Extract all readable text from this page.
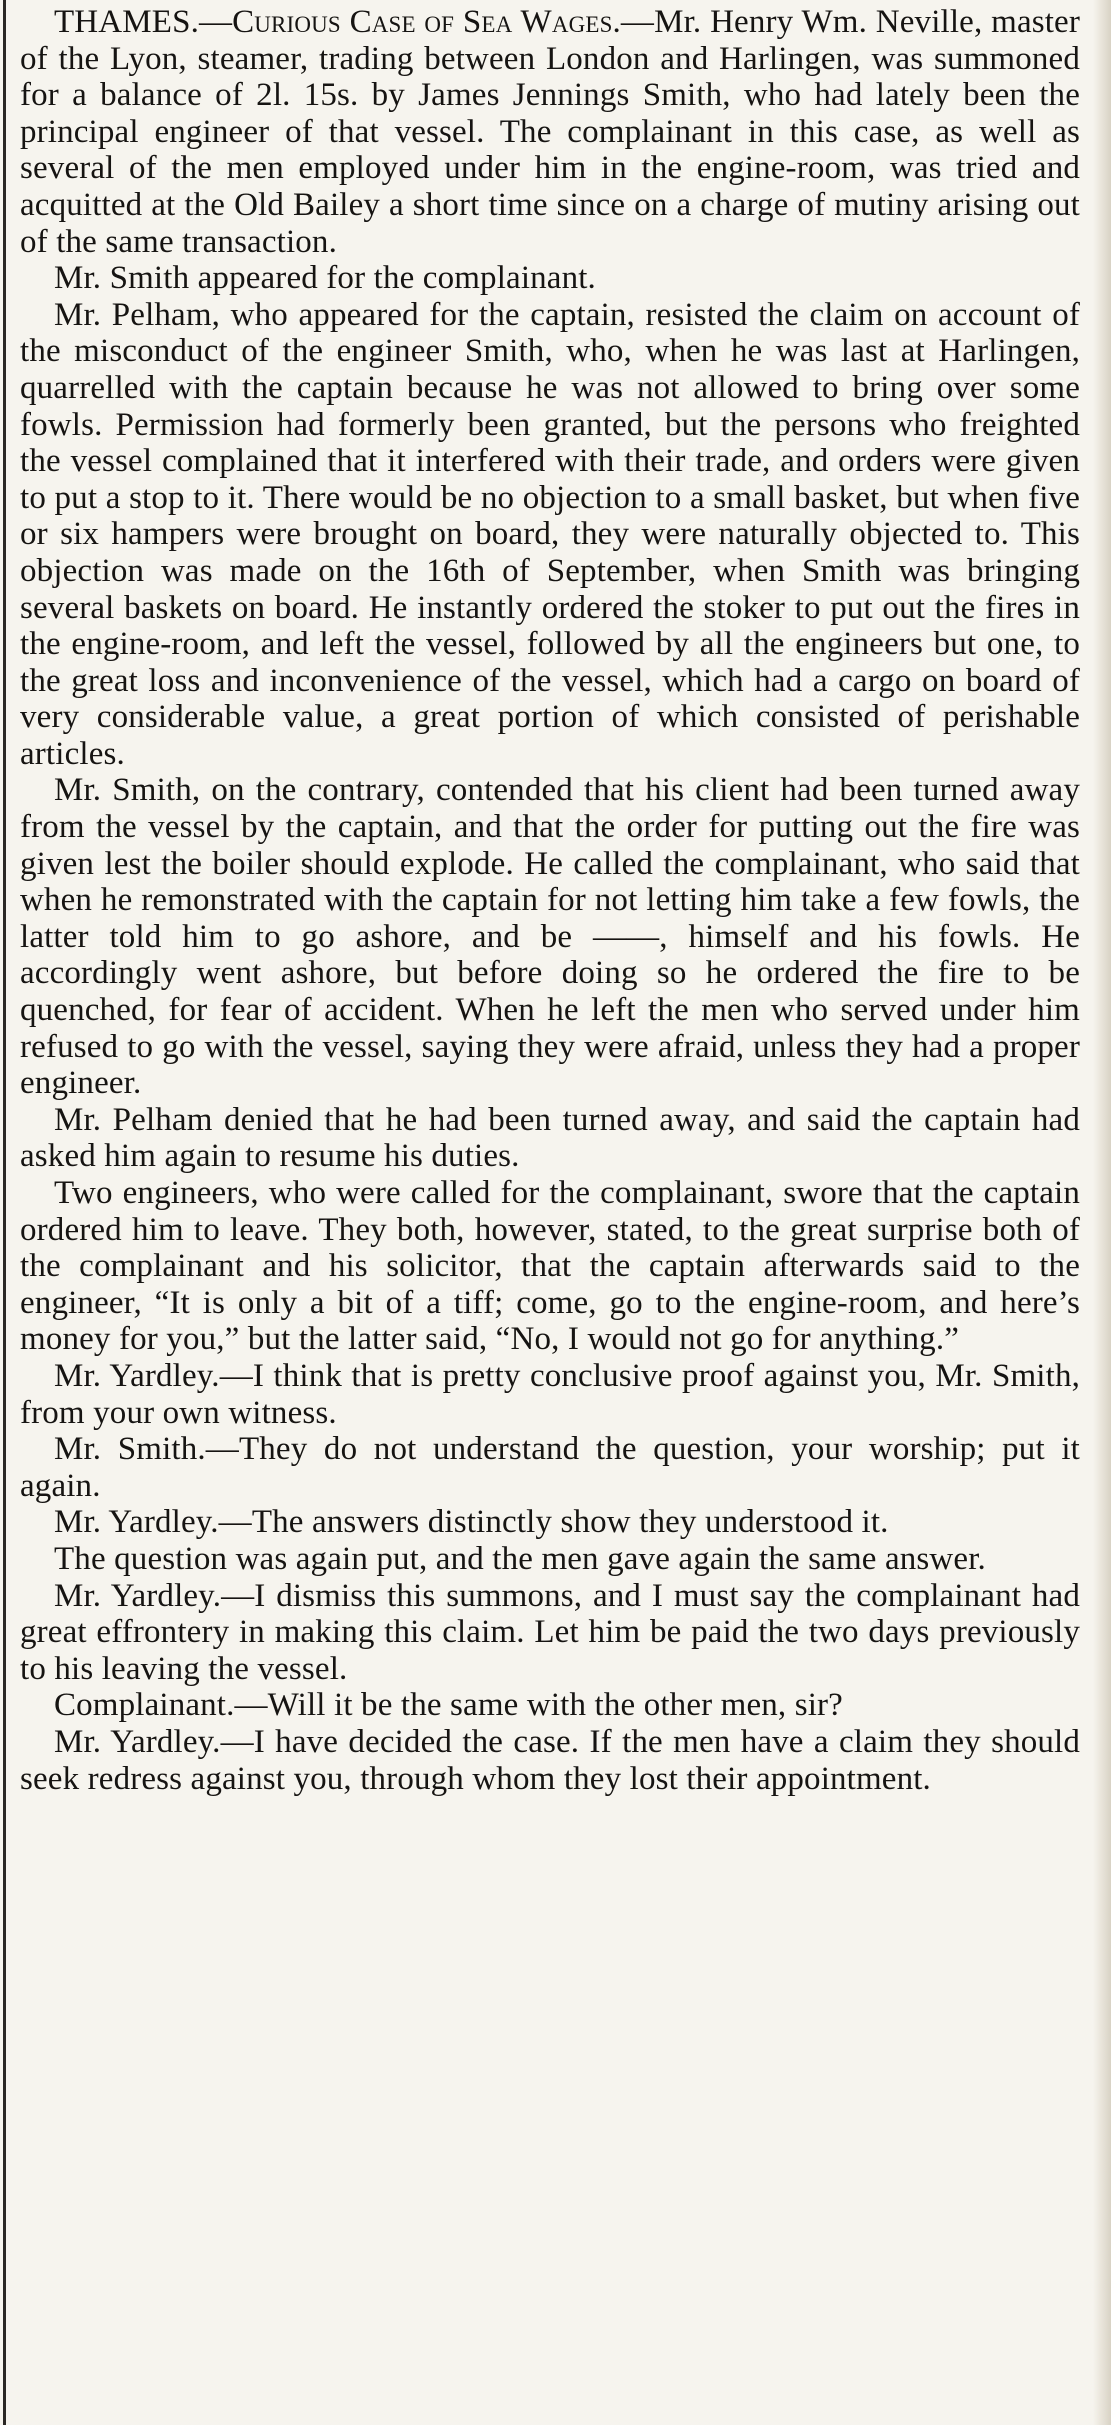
THAMES.—Curious Case of Sea Wages.—Mr. Henry Wm. Neville, master of the Lyon, steamer, trading between London and Harlingen, was summoned for a balance of 2l. 15s. by James Jennings Smith, who had lately been the principal engineer of that vessel. The complainant in this case, as well as several of the men employed under him in the engine-room, was tried and acquitted at the Old Bailey a short time since on a charge of mutiny arising out of the same transaction.

Mr. Smith appeared for the complainant.

Mr. Pelham, who appeared for the captain, resisted the claim on account of the misconduct of the engineer Smith, who, when he was last at Harlingen, quarrelled with the captain because he was not allowed to bring over some fowls. Permission had formerly been granted, but the persons who freighted the vessel complained that it interfered with their trade, and orders were given to put a stop to it. There would be no objection to a small basket, but when five or six hampers were brought on board, they were naturally objected to. This objection was made on the 16th of September, when Smith was bringing several baskets on board. He instantly ordered the stoker to put out the fires in the engine-room, and left the vessel, followed by all the engineers but one, to the great loss and inconvenience of the vessel, which had a cargo on board of very considerable value, a great portion of which consisted of perishable articles.

Mr. Smith, on the contrary, contended that his client had been turned away from the vessel by the captain, and that the order for putting out the fire was given lest the boiler should explode. He called the complainant, who said that when he remonstrated with the captain for not letting him take a few fowls, the latter told him to go ashore, and be ——, himself and his fowls. He accordingly went ashore, but before doing so he ordered the fire to be quenched, for fear of accident. When he left the men who served under him refused to go with the vessel, saying they were afraid, unless they had a proper engineer.

Mr. Pelham denied that he had been turned away, and said the captain had asked him again to resume his duties.

Two engineers, who were called for the complainant, swore that the captain ordered him to leave. They both, however, stated, to the great surprise both of the complainant and his solicitor, that the captain afterwards said to the engineer, “It is only a bit of a tiff; come, go to the engine-room, and here’s money for you,” but the latter said, “No, I would not go for anything.”

Mr. Yardley.—I think that is pretty conclusive proof against you, Mr. Smith, from your own witness.

Mr. Smith.—They do not understand the question, your worship; put it again.

Mr. Yardley.—The answers distinctly show they understood it.

The question was again put, and the men gave again the same answer.

Mr. Yardley.—I dismiss this summons, and I must say the complainant had great effrontery in making this claim. Let him be paid the two days previously to his leaving the vessel.

Complainant.—Will it be the same with the other men, sir?

Mr. Yardley.—I have decided the case. If the men have a claim they should seek redress against you, through whom they lost their appointment.
